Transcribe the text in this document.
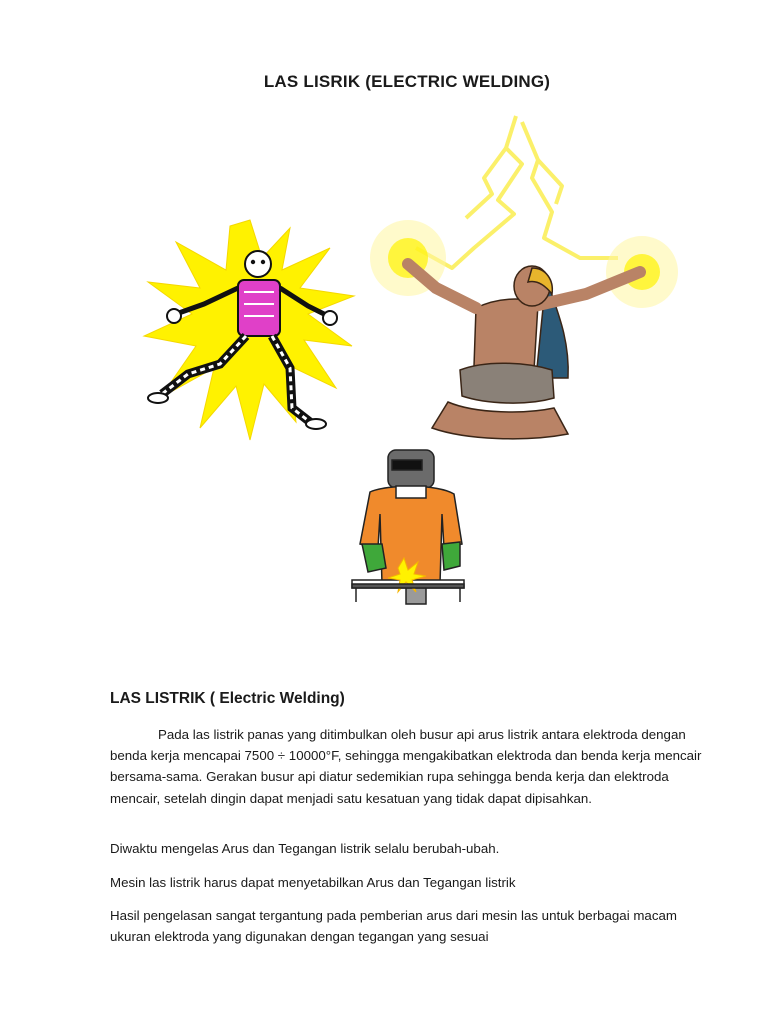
LAS LISRIK (ELECTRIC WELDING)
LAS LISTRIK ( Electric Welding)
Pada las listrik panas yang ditimbulkan oleh busur api arus listrik antara elektroda dengan benda kerja mencapai 7500 ÷ 10000°F, sehingga mengakibatkan elektroda dan benda kerja mencair bersama-sama. Gerakan busur api diatur sedemikian rupa sehingga benda kerja dan elektroda mencair, setelah dingin dapat menjadi satu kesatuan yang tidak dapat dipisahkan.
Diwaktu mengelas Arus dan Tegangan listrik selalu berubah-ubah.
Mesin las listrik harus dapat menyetabilkan Arus dan Tegangan listrik
Hasil pengelasan sangat tergantung pada pemberian arus dari mesin las untuk berbagai macam ukuran elektroda yang digunakan dengan tegangan yang sesuai
